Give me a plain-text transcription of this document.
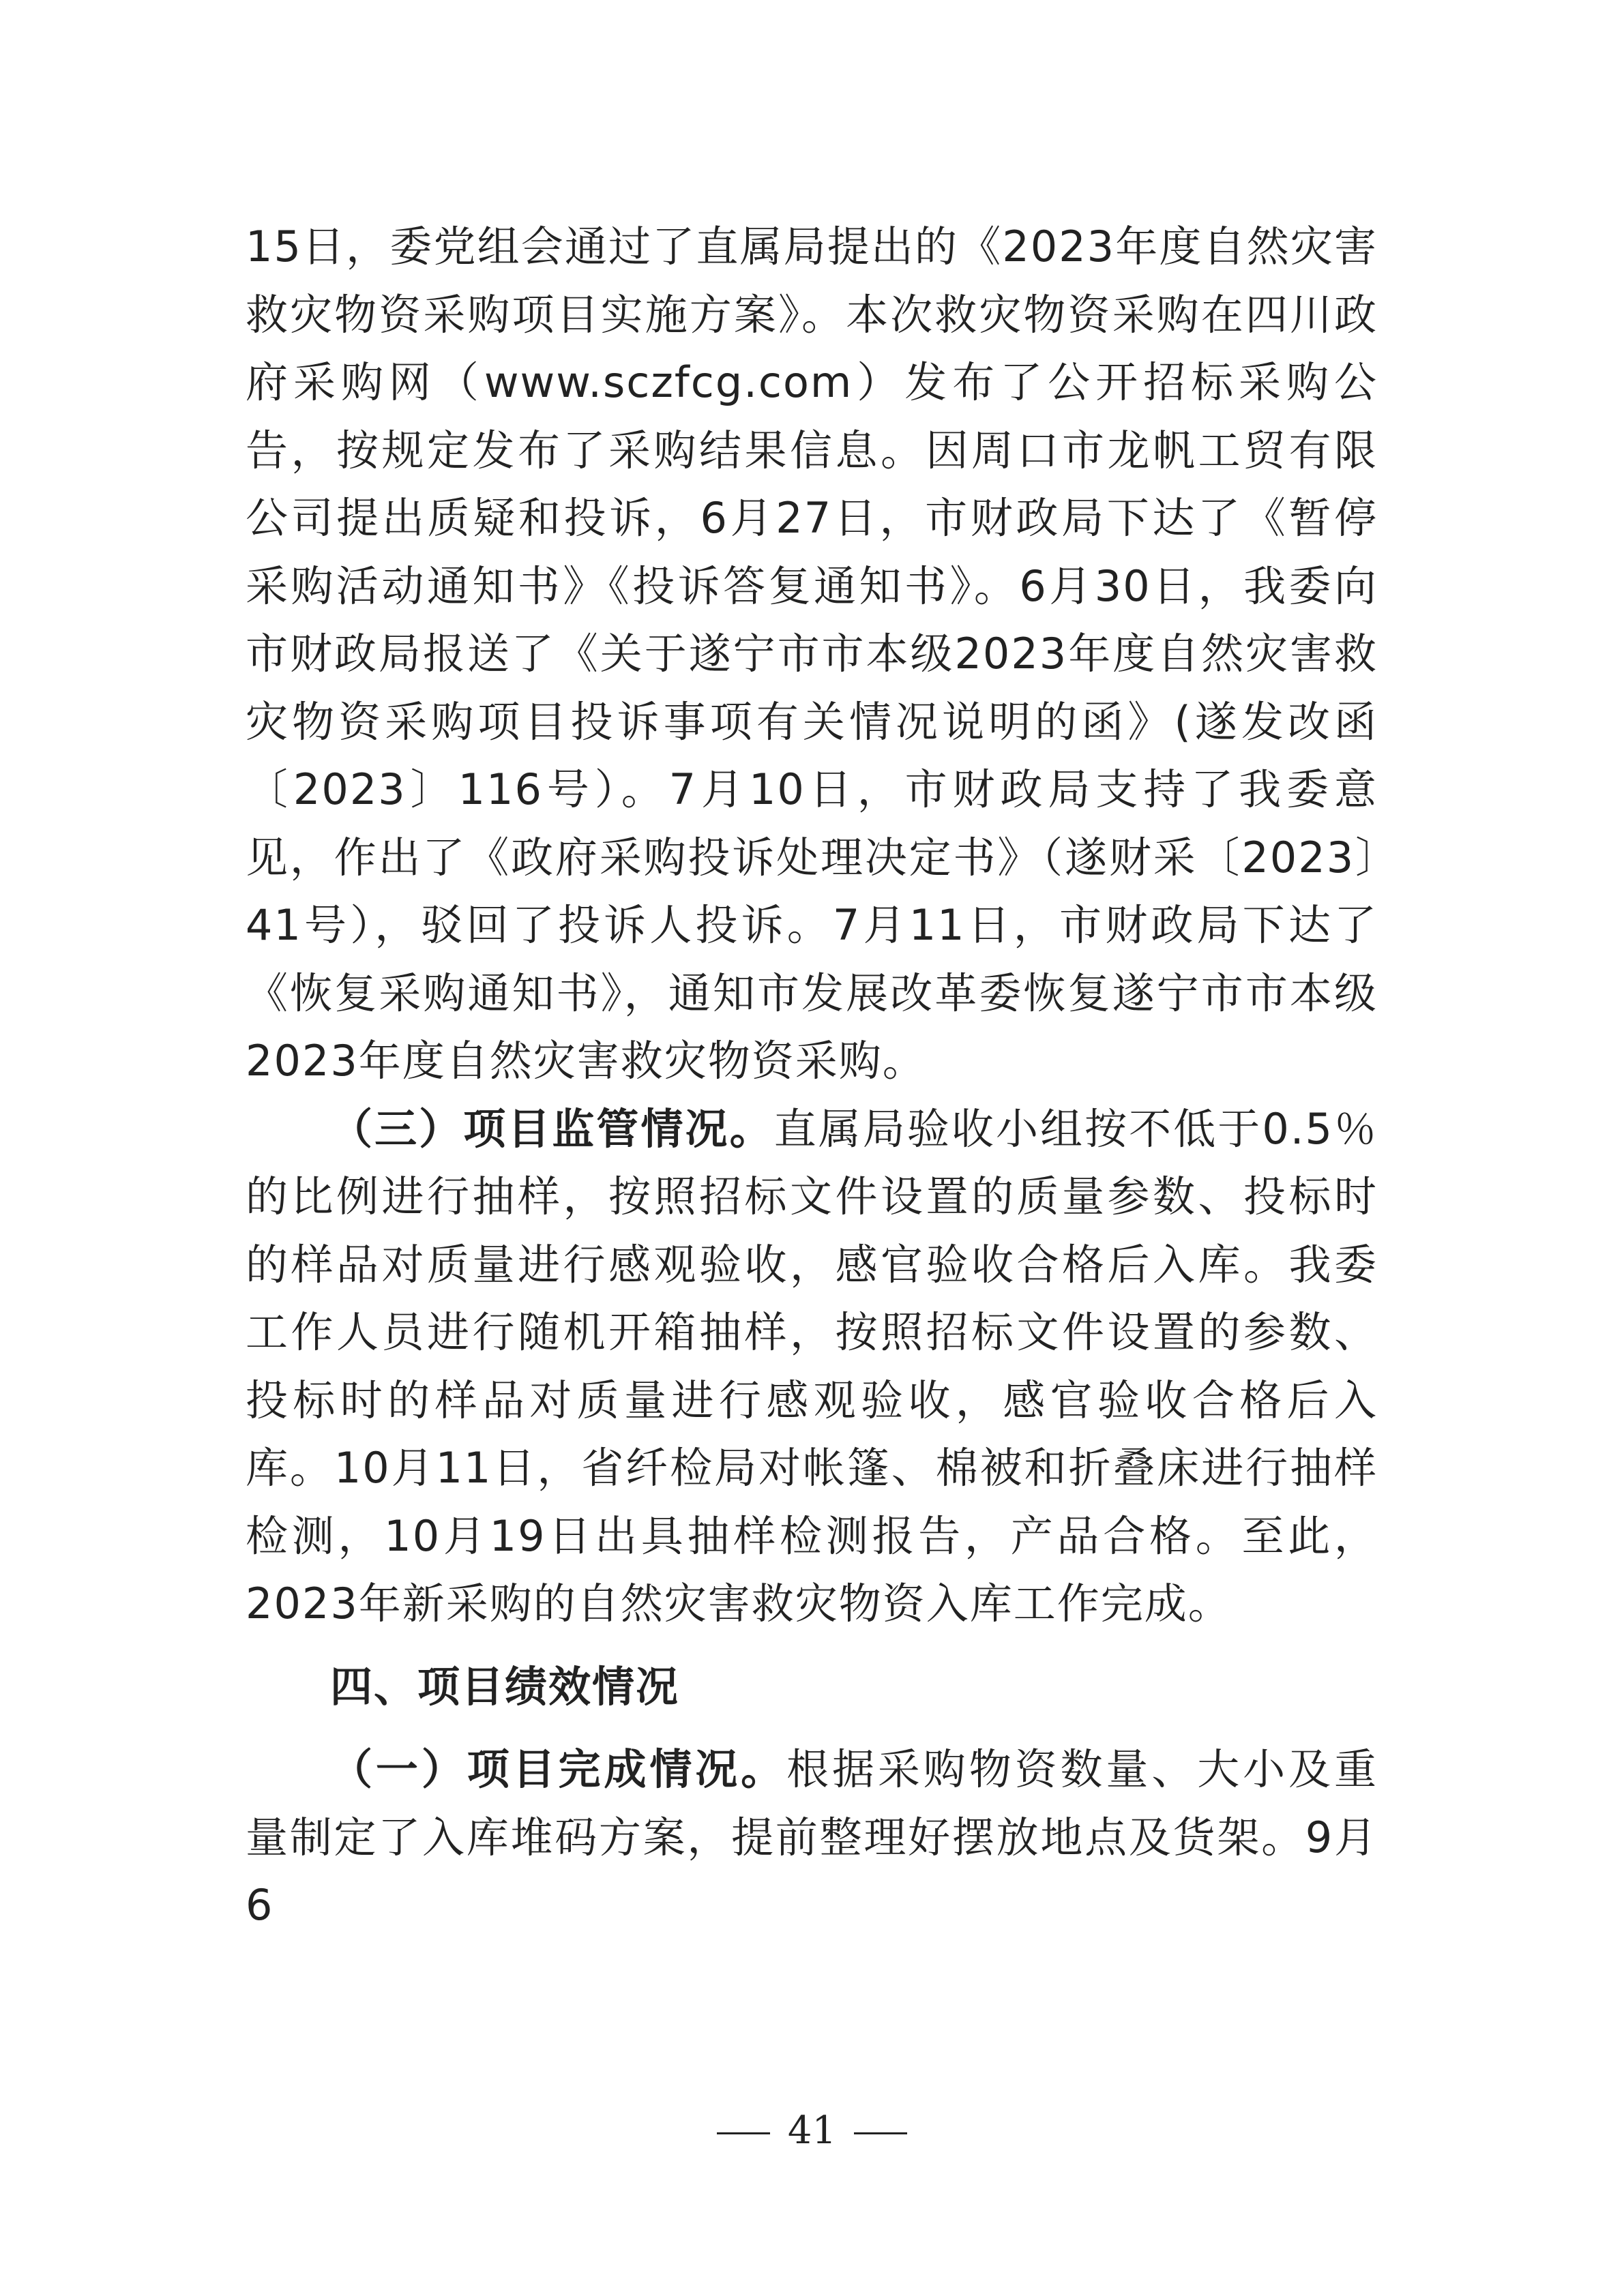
15日，委党组会通过了直属局提出的《2023年度自然灾害救灾物资采购项目实施方案》。本次救灾物资采购在四川政府采购网（www.sczfcg.com）发布了公开招标采购公告，按规定发布了采购结果信息。因周口市龙帆工贸有限公司提出质疑和投诉，6月27日，市财政局下达了《暂停采购活动通知书》《投诉答复通知书》。6月30日，我委向市财政局报送了《关于遂宁市市本级2023年度自然灾害救灾物资采购项目投诉事项有关情况说明的函》(遂发改函〔2023〕116号）。7月10日，市财政局支持了我委意见，作出了《政府采购投诉处理决定书》（遂财采〔2023〕41号），驳回了投诉人投诉。7月11日，市财政局下达了《恢复采购通知书》，通知市发展改革委恢复遂宁市市本级2023年度自然灾害救灾物资采购。

（三）项目监管情况。直属局验收小组按不低于0.5％的比例进行抽样，按照招标文件设置的质量参数、投标时的样品对质量进行感观验收，感官验收合格后入库。我委工作人员进行随机开箱抽样，按照招标文件设置的参数、投标时的样品对质量进行感观验收，感官验收合格后入库。10月11日，省纤检局对帐篷、棉被和折叠床进行抽样检测，10月19日出具抽样检测报告，产品合格。至此，2023年新采购的自然灾害救灾物资入库工作完成。

四、项目绩效情况

（一）项目完成情况。根据采购物资数量、大小及重量制定了入库堆码方案，提前整理好摆放地点及货架。9月6

41
